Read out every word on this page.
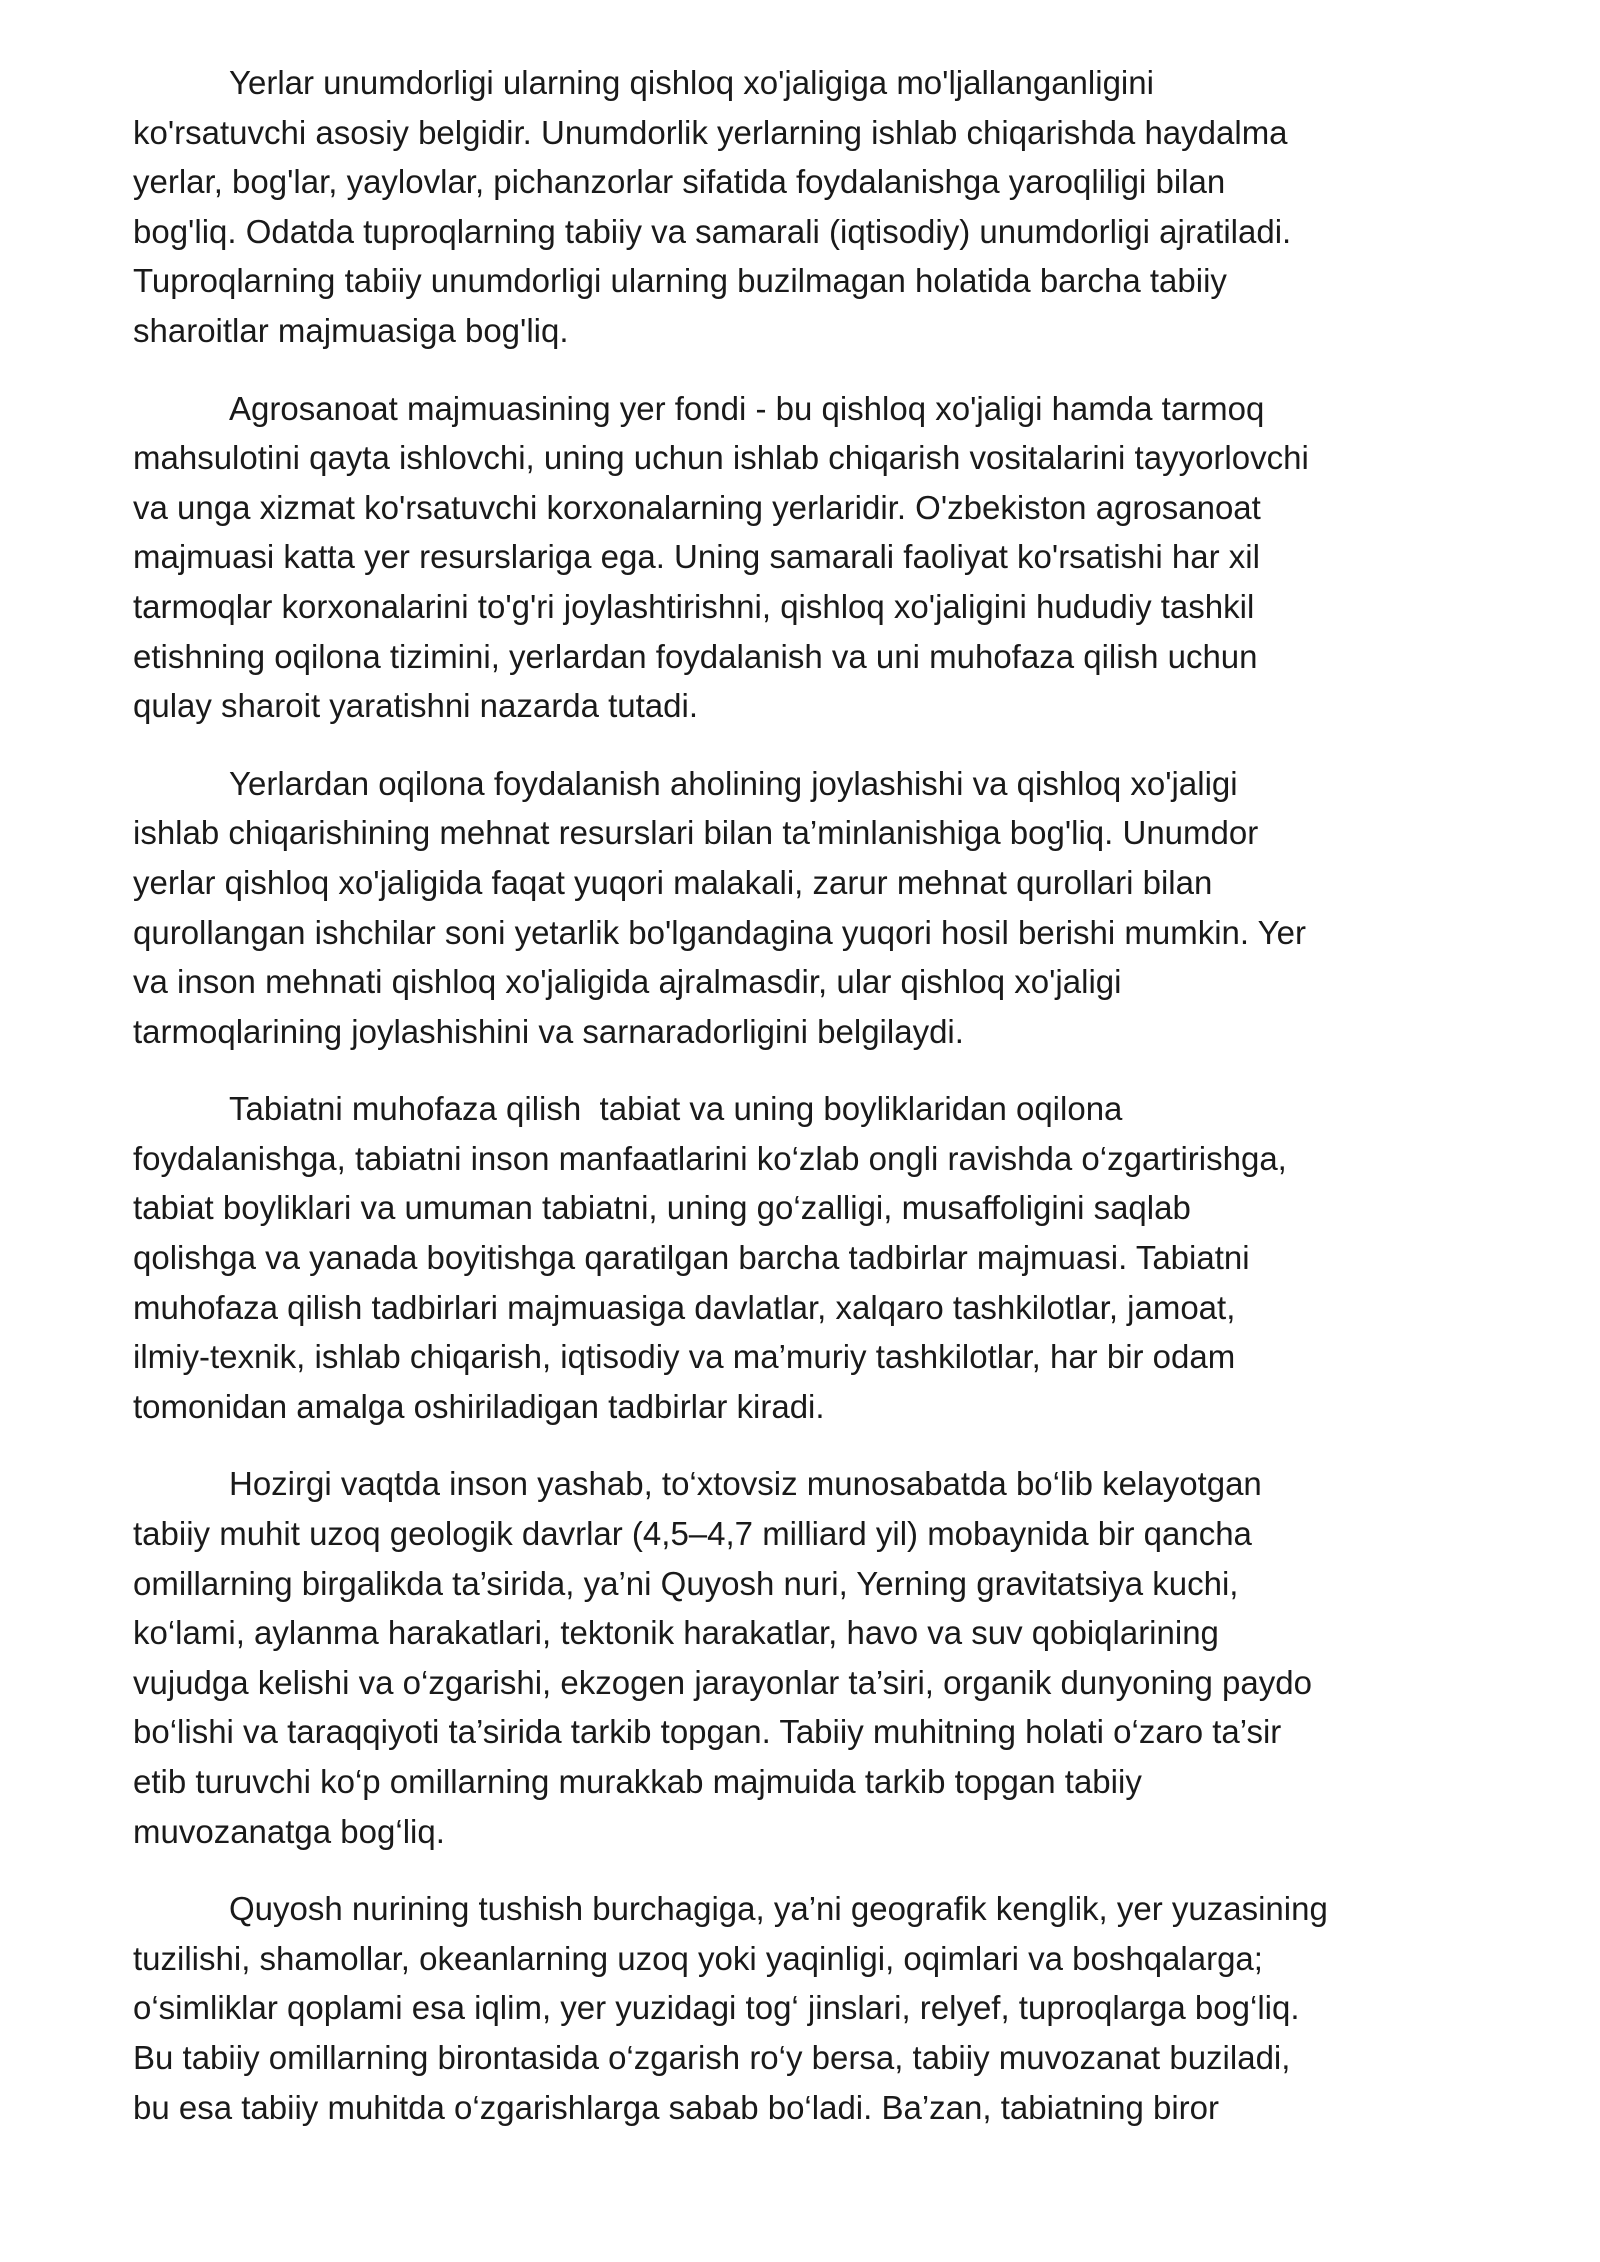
Yerlar unumdorligi ularning qishloq xo'jaligiga mo'ljallanganligini
ko'rsatuvchi asosiy belgidir. Unumdorlik yerlarning ishlab chiqarishda haydalma
yerlar, bog'lar, yaylovlar, pichanzorlar sifatida foydalanishga yaroqliligi bilan
bog'liq. Odatda tuproqlarning tabiiy va samarali (iqtisodiy) unumdorligi ajratiladi.
Tuproqlarning tabiiy unumdorligi ularning buzilmagan holatida barcha tabiiy
sharoitlar majmuasiga bog'liq.
Agrosanoat majmuasining yer fondi - bu qishloq xo'jaligi hamda tarmoq
mahsulotini qayta ishlovchi, uning uchun ishlab chiqarish vositalarini tayyorlovchi
va unga xizmat ko'rsatuvchi korxonalarning yerlaridir. O'zbekiston agrosanoat
majmuasi katta yer resurslariga ega. Uning samarali faoliyat ko'rsatishi har xil
tarmoqlar korxonalarini to'g'ri joylashtirishni, qishloq xo'jaligini hududiy tashkil
etishning oqilona tizimini, yerlardan foydalanish va uni muhofaza qilish uchun
qulay sharoit yaratishni nazarda tutadi.
Yerlardan oqilona foydalanish aholining joylashishi va qishloq xo'jaligi
ishlab chiqarishining mehnat resurslari bilan ta’minlanishiga bog'liq. Unumdor
yerlar qishloq xo'jaligida faqat yuqori malakali, zarur mehnat qurollari bilan
qurollangan ishchilar soni yetarlik bo'lgandagina yuqori hosil berishi mumkin. Yer
va inson mehnati qishloq xo'jaligida ajralmasdir, ular qishloq xo'jaligi
tarmoqlarining joylashishini va sarnaradorligini belgilaydi.
Tabiatni muhofaza qilish  tabiat va uning boyliklaridan oqilona
foydalanishga, tabiatni inson manfaatlarini ko‘zlab ongli ravishda o‘zgartirishga,
tabiat boyliklari va umuman tabiatni, uning go‘zalligi, musaffoligini saqlab
qolishga va yanada boyitishga qaratilgan barcha tadbirlar majmuasi. Tabiatni
muhofaza qilish tadbirlari majmuasiga davlatlar, xalqaro tashkilotlar, jamoat,
ilmiy-texnik, ishlab chiqarish, iqtisodiy va ma’muriy tashkilotlar, har bir odam
tomonidan amalga oshiriladigan tadbirlar kiradi.
Hozirgi vaqtda inson yashab, to‘xtovsiz munosabatda bo‘lib kelayotgan
tabiiy muhit uzoq geologik davrlar (4,5–4,7 milliard yil) mobaynida bir qancha
omillarning birgalikda ta’sirida, ya’ni Quyosh nuri, Yerning gravitatsiya kuchi,
ko‘lami, aylanma harakatlari, tektonik harakatlar, havo va suv qobiqlarining
vujudga kelishi va o‘zgarishi, ekzogen jarayonlar ta’siri, organik dunyoning paydo
bo‘lishi va taraqqiyoti ta’sirida tarkib topgan. Tabiiy muhitning holati o‘zaro ta’sir
etib turuvchi ko‘p omillarning murakkab majmuida tarkib topgan tabiiy
muvozanatga bog‘liq.
Quyosh nurining tushish burchagiga, ya’ni geografik kenglik, yer yuzasining
tuzilishi, shamollar, okeanlarning uzoq yoki yaqinligi, oqimlari va boshqalarga;
o‘simliklar qoplami esa iqlim, yer yuzidagi tog‘ jinslari, relyef, tuproqlarga bog‘liq.
Bu tabiiy omillarning birontasida o‘zgarish ro‘y bersa, tabiiy muvozanat buziladi,
bu esa tabiiy muhitda o‘zgarishlarga sabab bo‘ladi. Ba’zan, tabiatning biror
